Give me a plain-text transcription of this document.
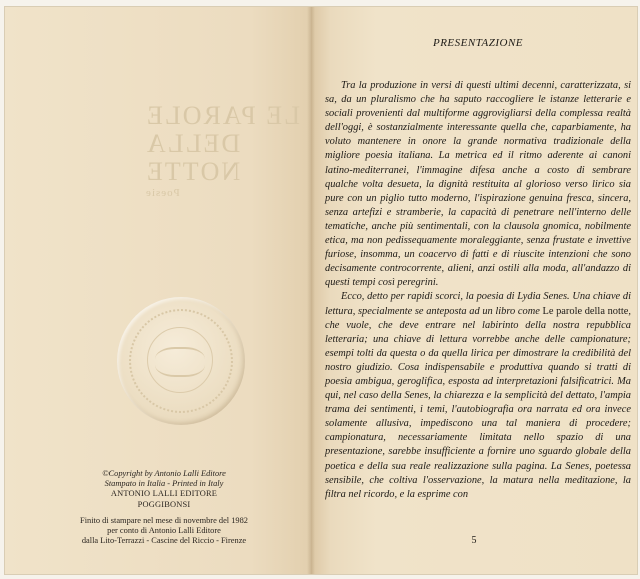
LE PAROLE
DELLA NOTTE
Poesie
©Copyright by Antonio Lalli Editore
Stampato in Italia - Printed in Italy
ANTONIO LALLI EDITORE
POGGIBONSI
Finito di stampare nel mese di novembre del 1982
per conto di Antonio Lalli Editore
dalla Lito-Terrazzi - Cascine del Riccio - Firenze
PRESENTAZIONE

Tra la produzione in versi di questi ultimi decenni, caratterizzata, si sa, da un pluralismo che ha saputo raccogliere le istanze letterarie e sociali provenienti dal multiforme aggrovigliarsi della complessa realtà dell'oggi, è sostanzialmente interessante quella che, caparbiamente, ha voluto mantenere in onore la grande normativa tradizionale della migliore poesia italiana. La metrica ed il ritmo aderente ai canoni latino-mediterranei, l'immagine difesa anche a costo di sembrare qualche volta desueta, la dignità restituita al glorioso verso lirico sia pure con un piglio tutto moderno, l'ispirazione genuina fresca, sincera, senza artefizi e stramberie, la capacità di penetrare nell'interno delle tematiche, anche più sentimentali, con la clausola gnomica, nobilmente etica, ma non pedissequamente moraleggiante, senza frustate e invettive furiose, insomma, un coacervo di fatti e di riuscite intenzioni che sono decisamente controcorrente, alieni, anzi ostili alla moda, all'andazzo di questi tempi così peregrini.

Ecco, detto per rapidi scorci, la poesia di Lydia Senes. Una chiave di lettura, specialmente se anteposta ad un libro come Le parole della notte, che vuole, che deve entrare nel labirinto della nostra repubblica letteraria; una chiave di lettura vorrebbe anche delle campionature; esempi tolti da questa o da quella lirica per dimostrare la credibilità del nostro giudizio. Cosa indispensabile e produttiva quando si tratti di poesia ambigua, geroglifica, esposta ad interpretazioni falsificatrici. Ma qui, nel caso della Senes, la chiarezza e la semplicità del dettato, l'ampia trama dei sentimenti, i temi, l'autobiografia ora narrata ed ora invece solamente allusiva, impediscono una tal maniera di procedere; campionatura, necessariamente limitata nello spazio di una presentazione, sarebbe insufficiente a fornire uno sguardo globale della poetica e della sua reale realizzazione sulla pagina. La Senes, poetessa sensibile, che coltiva l'osservazione, la matura nella meditazione, la filtra nel ricordo, e la esprime con

5
